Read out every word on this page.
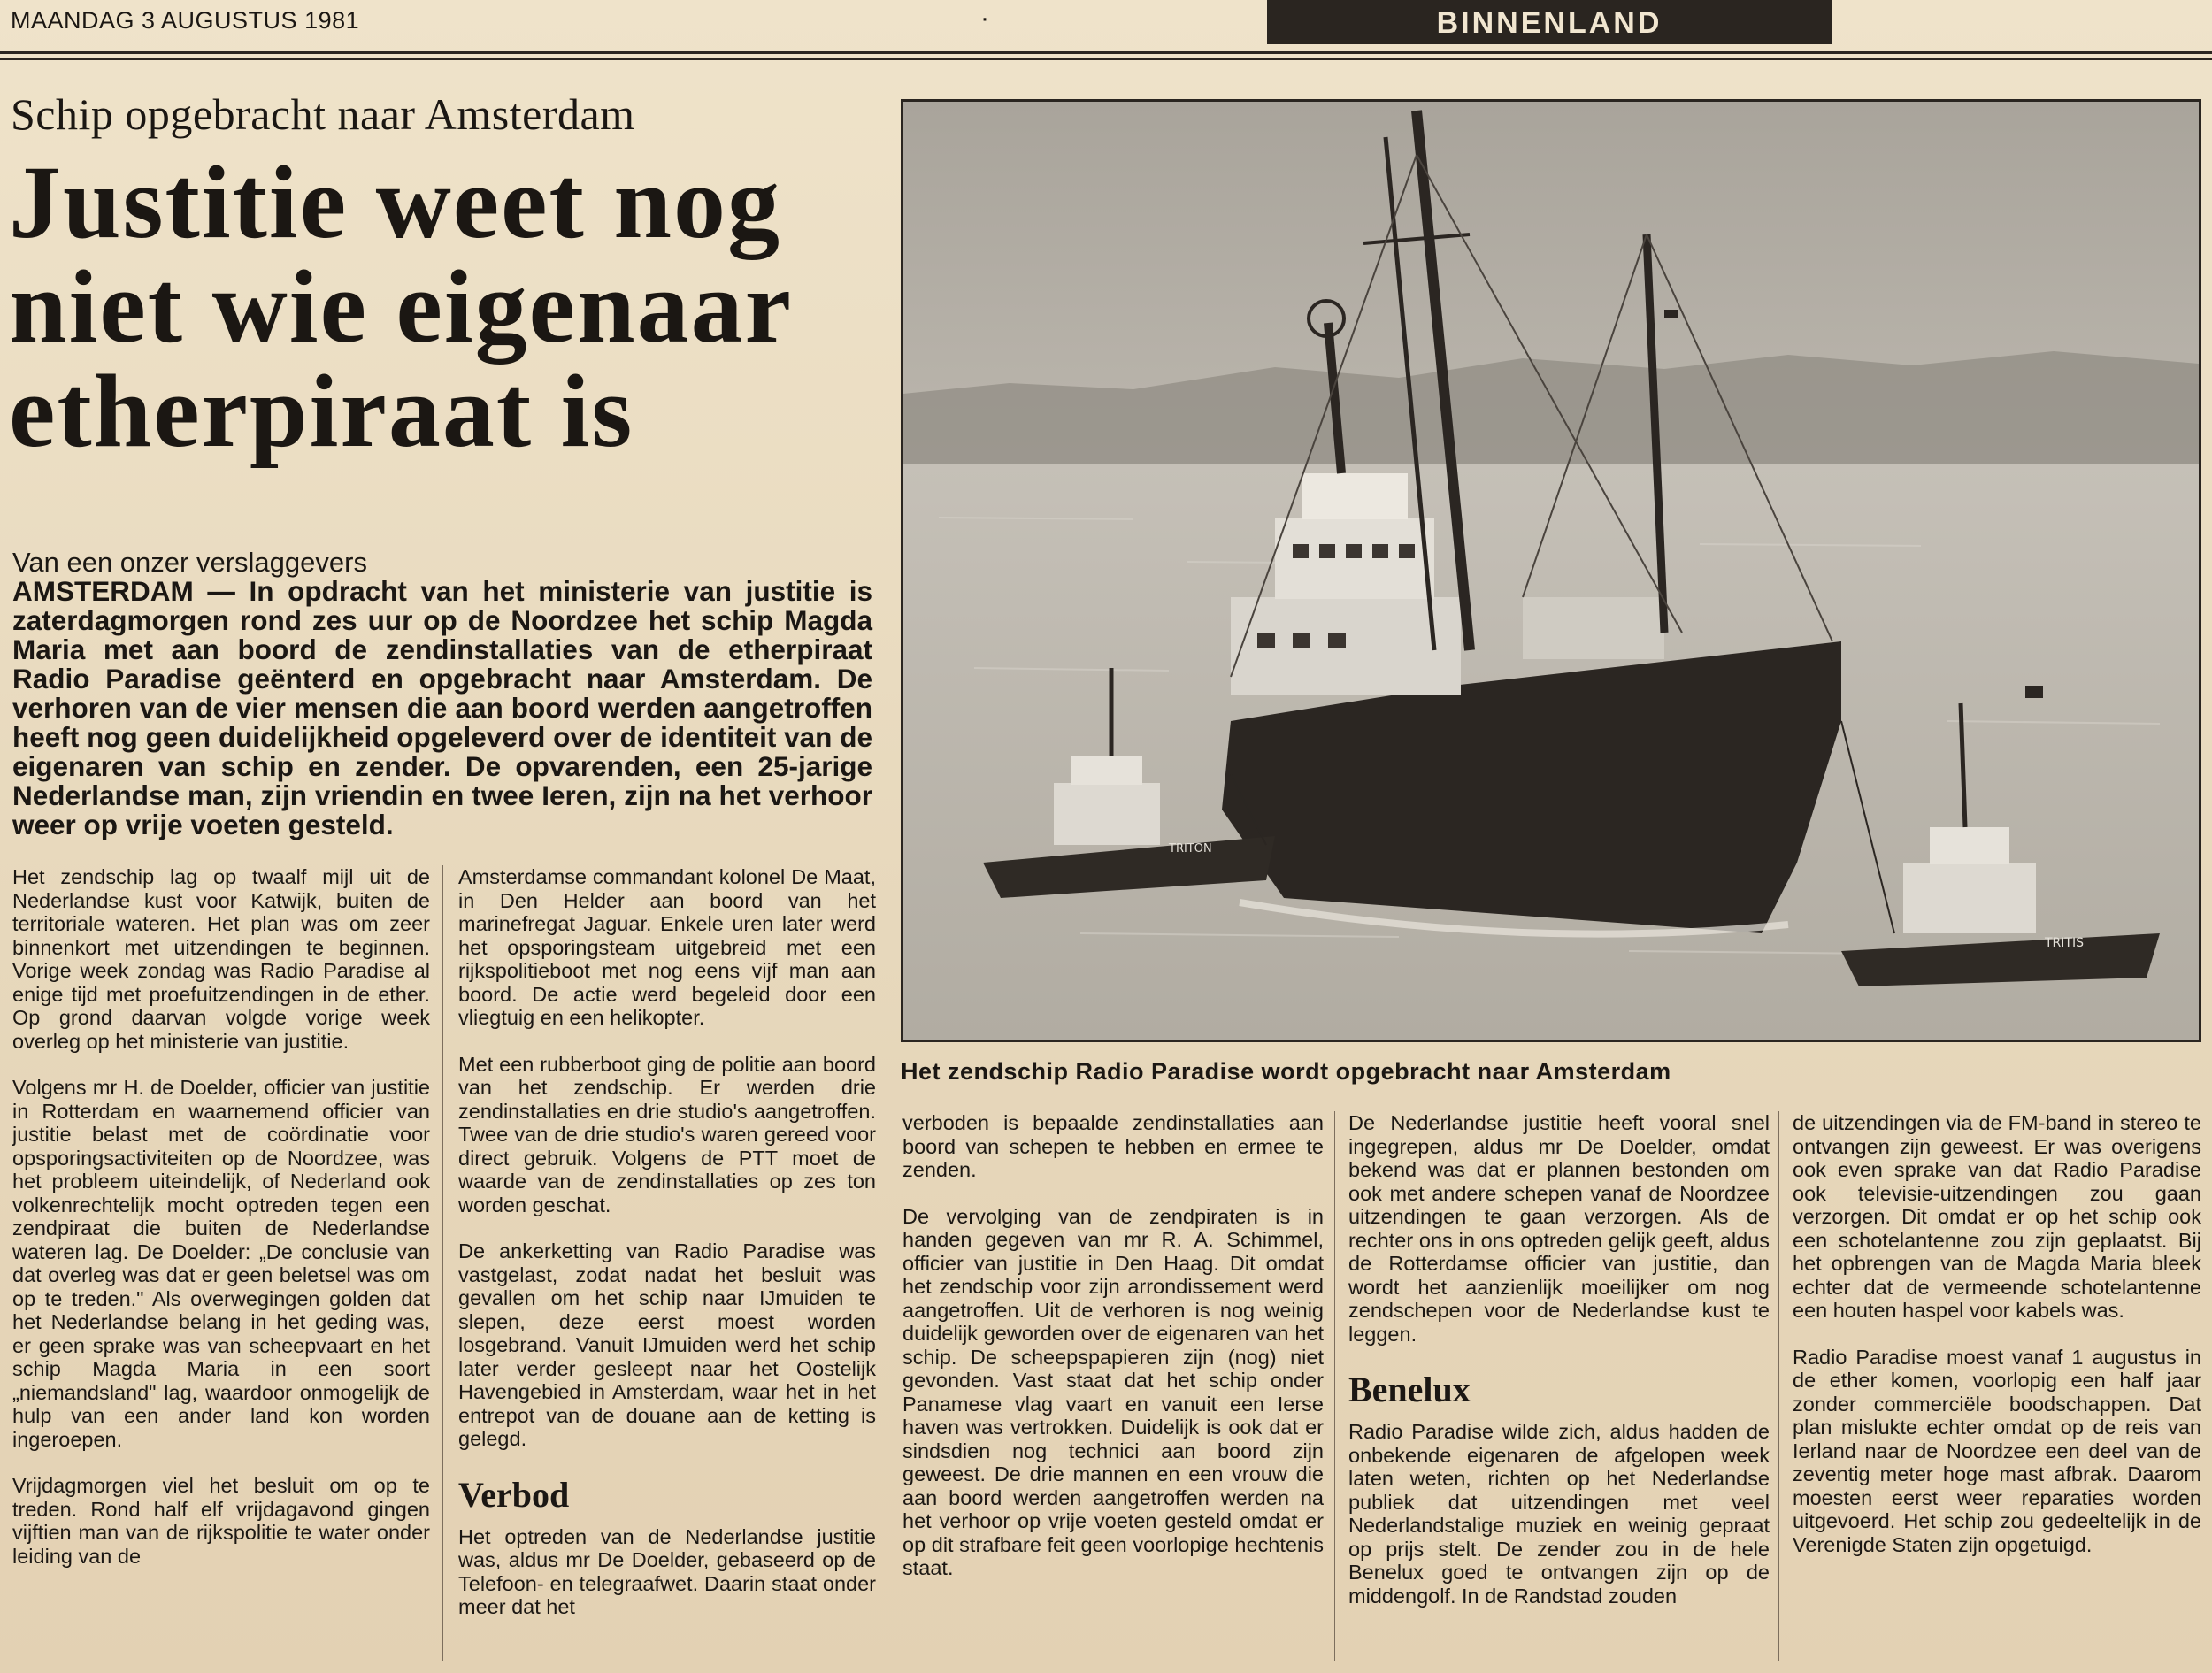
MAANDAG 3 AUGUSTUS 1981	·	BINNENLAND
Schip opgebracht naar Amsterdam
Justitie weet nog
niet wie eigenaar
etherpiraat is
Van een onzer verslaggevers

AMSTERDAM — In opdracht van het ministerie van justitie is zaterdagmorgen rond zes uur op de Noordzee het schip Magda Maria met aan boord de zendinstallaties van de etherpiraat Radio Paradise geënterd en opgebracht naar Amsterdam. De verhoren van de vier mensen die aan boord werden aangetroffen heeft nog geen duidelijkheid opgeleverd over de identiteit van de eigenaren van schip en zender. De opvarenden, een 25-jarige Nederlandse man, zijn vriendin en twee Ieren, zijn na het verhoor weer op vrije voeten gesteld.

TRITON
TRITIS
Het zendschip Radio Paradise wordt opgebracht naar Amsterdam

Het zendschip lag op twaalf mijl uit de Nederlandse kust voor Katwijk, buiten de territoriale wateren. Het plan was om zeer binnenkort met uitzendingen te beginnen. Vorige week zondag was Radio Paradise al enige tijd met proefuitzendingen in de ether. Op grond daarvan volgde vorige week overleg op het ministerie van justitie.

Volgens mr H. de Doelder, officier van justitie in Rotterdam en waarnemend officier van justitie belast met de coördinatie voor opsporingsactiviteiten op de Noordzee, was het probleem uiteindelijk, of Nederland ook volkenrechtelijk mocht optreden tegen een zendpiraat die buiten de Nederlandse wateren lag. De Doelder: „De conclusie van dat overleg was dat er geen beletsel was om op te treden." Als overwegingen golden dat het Nederlandse belang in het geding was, er geen sprake was van scheepvaart en het schip Magda Maria in een soort „niemandsland" lag, waardoor onmogelijk de hulp van een ander land kon worden ingeroepen.

Vrijdagmorgen viel het besluit om op te treden. Rond half elf vrijdagavond gingen vijftien man van de rijkspolitie te water onder leiding van de

Amsterdamse commandant kolonel De Maat, in Den Helder aan boord van het marinefregat Jaguar. Enkele uren later werd het opsporingsteam uitgebreid met een rijkspolitieboot met nog eens vijf man aan boord. De actie werd begeleid door een vliegtuig en een helikopter.

Met een rubberboot ging de politie aan boord van het zendschip. Er werden drie zendinstallaties en drie studio's aangetroffen. Twee van de drie studio's waren gereed voor direct gebruik. Volgens de PTT moet de waarde van de zendinstallaties op zes ton worden geschat.

De ankerketting van Radio Paradise was vastgelast, zodat nadat het besluit was gevallen om het schip naar IJmuiden te slepen, deze eerst moest worden losgebrand. Vanuit IJmuiden werd het schip later verder gesleept naar het Oostelijk Havengebied in Amsterdam, waar het in het entrepot van de douane aan de ketting is gelegd.

Verbod

Het optreden van de Nederlandse justitie was, aldus mr De Doelder, gebaseerd op de Telefoon- en telegraafwet. Daarin staat onder meer dat het

verboden is bepaalde zendinstallaties aan boord van schepen te hebben en ermee te zenden.

De vervolging van de zendpiraten is in handen gegeven van mr R. A. Schimmel, officier van justitie in Den Haag. Dit omdat het zendschip voor zijn arrondissement werd aangetroffen. Uit de verhoren is nog weinig duidelijk geworden over de eigenaren van het schip. De scheepspapieren zijn (nog) niet gevonden. Vast staat dat het schip onder Panamese vlag vaart en vanuit een Ierse haven was vertrokken. Duidelijk is ook dat er sindsdien nog technici aan boord zijn geweest. De drie mannen en een vrouw die aan boord werden aangetroffen werden na het verhoor op vrije voeten gesteld omdat er op dit strafbare feit geen voorlopige hechtenis staat.

De Nederlandse justitie heeft vooral snel ingegrepen, aldus mr De Doelder, omdat bekend was dat er plannen bestonden om ook met andere schepen vanaf de Noordzee uitzendingen te gaan verzorgen. Als de rechter ons in ons optreden gelijk geeft, aldus de Rotterdamse officier van justitie, dan wordt het aanzienlijk moeilijker om nog zendschepen voor de Nederlandse kust te leggen.

Benelux

Radio Paradise wilde zich, aldus hadden de onbekende eigenaren de afgelopen week laten weten, richten op het Nederlandse publiek dat uitzendingen met veel Nederlandstalige muziek en weinig gepraat op prijs stelt. De zender zou in de hele Benelux goed te ontvangen zijn op de middengolf. In de Randstad zouden

de uitzendingen via de FM-band in stereo te ontvangen zijn geweest. Er was overigens ook even sprake van dat Radio Paradise ook televisie-uitzendingen zou gaan verzorgen. Dit omdat er op het schip ook een schotelantenne zou zijn geplaatst. Bij het opbrengen van de Magda Maria bleek echter dat de vermeende schotelantenne een houten haspel voor kabels was.

Radio Paradise moest vanaf 1 augustus in de ether komen, voorlopig een half jaar zonder commerciële boodschappen. Dat plan mislukte echter omdat op de reis van Ierland naar de Noordzee een deel van de zeventig meter hoge mast afbrak. Daarom moesten eerst weer reparaties worden uitgevoerd. Het schip zou gedeeltelijk in de Verenigde Staten zijn opgetuigd.
